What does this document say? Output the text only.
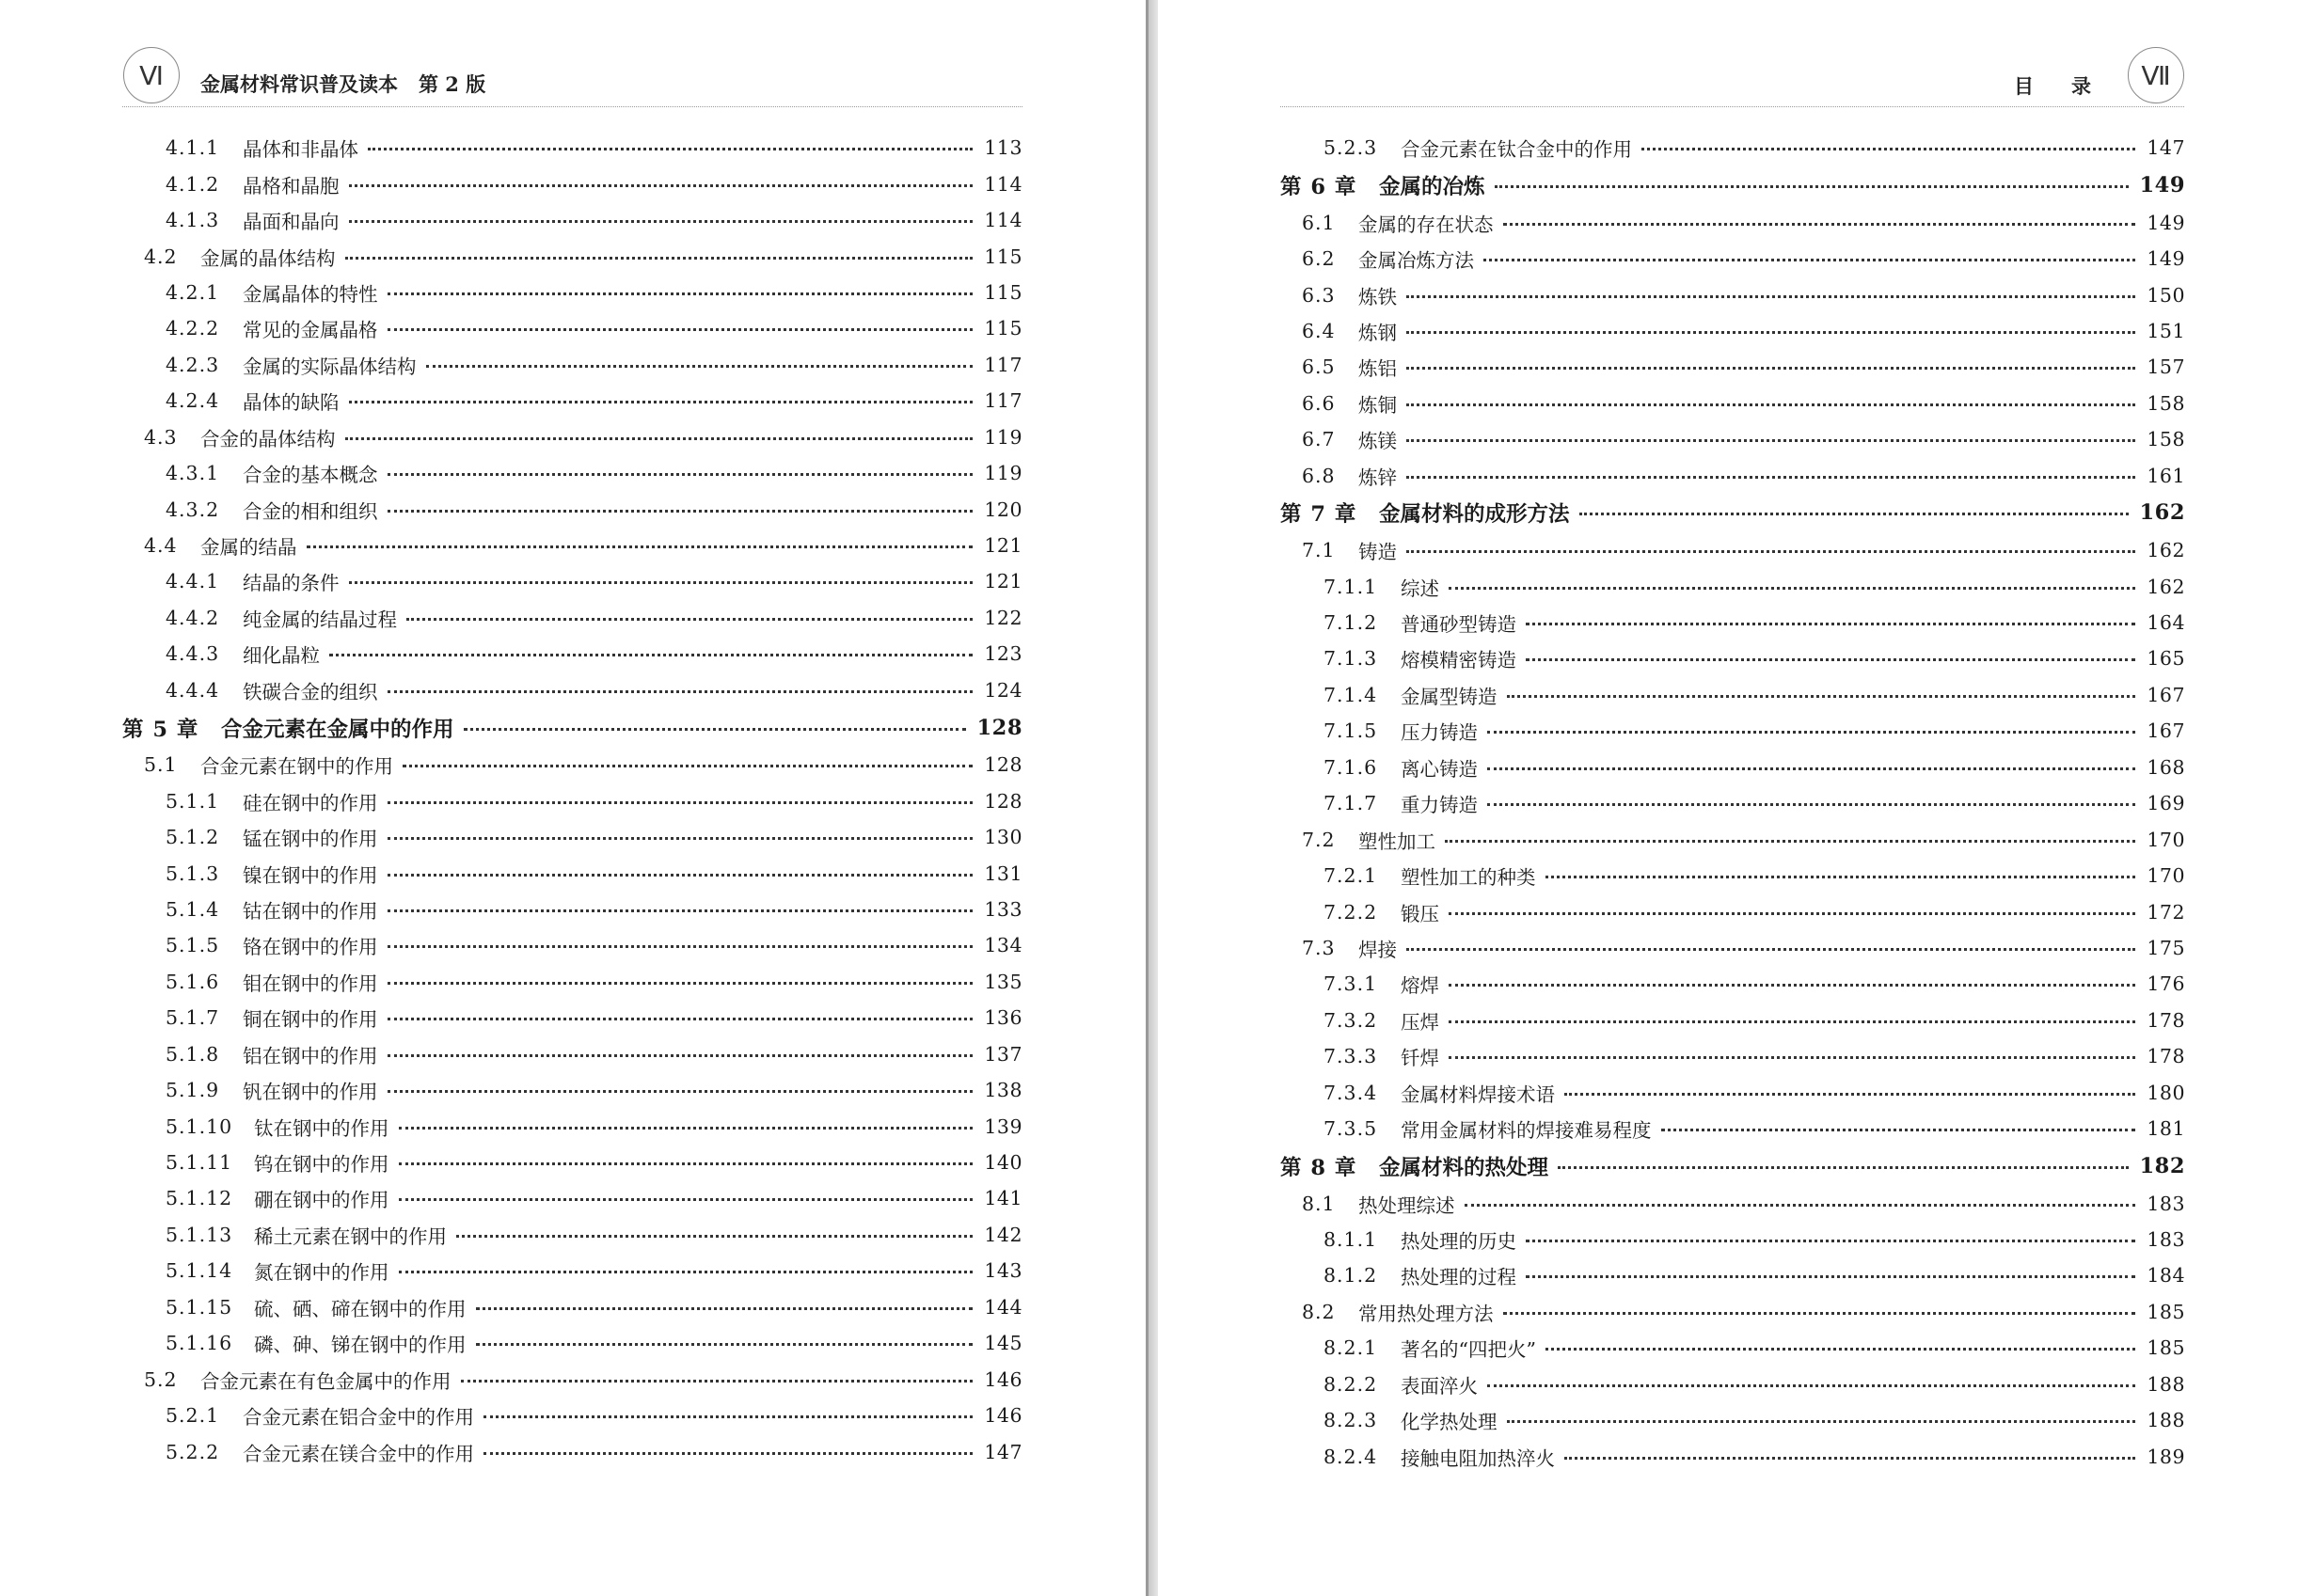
Ⅵ	金属材料常识普及读本 第 2 版
4.1.1	晶体和非晶体	113
4.1.2	晶格和晶胞	114
4.1.3	晶面和晶向	114
4.2	金属的晶体结构	115
4.2.1	金属晶体的特性	115
4.2.2	常见的金属晶格	115
4.2.3	金属的实际晶体结构	117
4.2.4	晶体的缺陷	117
4.3	合金的晶体结构	119
4.3.1	合金的基本概念	119
4.3.2	合金的相和组织	120
4.4	金属的结晶	121
4.4.1	结晶的条件	121
4.4.2	纯金属的结晶过程	122
4.4.3	细化晶粒	123
4.4.4	铁碳合金的组织	124
第 5 章	合金元素在金属中的作用	128
5.1	合金元素在钢中的作用	128
5.1.1	硅在钢中的作用	128
5.1.2	锰在钢中的作用	130
5.1.3	镍在钢中的作用	131
5.1.4	钴在钢中的作用	133
5.1.5	铬在钢中的作用	134
5.1.6	钼在钢中的作用	135
5.1.7	铜在钢中的作用	136
5.1.8	铝在钢中的作用	137
5.1.9	钒在钢中的作用	138
5.1.10	钛在钢中的作用	139
5.1.11	钨在钢中的作用	140
5.1.12	硼在钢中的作用	141
5.1.13	稀土元素在钢中的作用	142
5.1.14	氮在钢中的作用	143
5.1.15	硫、硒、碲在钢中的作用	144
5.1.16	磷、砷、锑在钢中的作用	145
5.2	合金元素在有色金属中的作用	146
5.2.1	合金元素在铝合金中的作用	146
5.2.2	合金元素在镁合金中的作用	147
目录 Ⅶ
5.2.3	合金元素在钛合金中的作用	147
第 6 章	金属的冶炼	149
6.1	金属的存在状态	149
6.2	金属冶炼方法	149
6.3	炼铁	150
6.4	炼钢	151
6.5	炼铝	157
6.6	炼铜	158
6.7	炼镁	158
6.8	炼锌	161
第 7 章	金属材料的成形方法	162
7.1	铸造	162
7.1.1	综述	162
7.1.2	普通砂型铸造	164
7.1.3	熔模精密铸造	165
7.1.4	金属型铸造	167
7.1.5	压力铸造	167
7.1.6	离心铸造	168
7.1.7	重力铸造	169
7.2	塑性加工	170
7.2.1	塑性加工的种类	170
7.2.2	锻压	172
7.3	焊接	175
7.3.1	熔焊	176
7.3.2	压焊	178
7.3.3	钎焊	178
7.3.4	金属材料焊接术语	180
7.3.5	常用金属材料的焊接难易程度	181
第 8 章	金属材料的热处理	182
8.1	热处理综述	183
8.1.1	热处理的历史	183
8.1.2	热处理的过程	184
8.2	常用热处理方法	185
8.2.1	著名的“四把火”	185
8.2.2	表面淬火	188
8.2.3	化学热处理	188
8.2.4	接触电阻加热淬火	189
